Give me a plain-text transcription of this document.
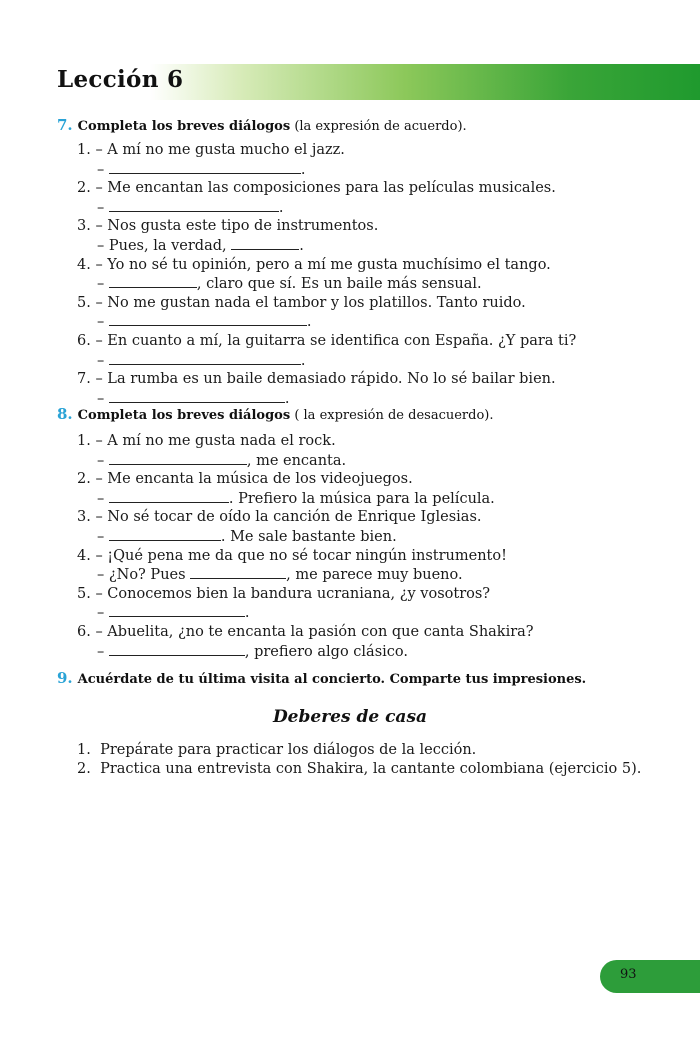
Lección 6
7. Completa los breves diálogos (la expresión de acuerdo).
1. – A mí no me gusta mucho el jazz.
–	.
2. – Me encantan las composiciones para las películas musicales.
–	.
3. – Nos gusta este tipo de instrumentos.
– Pues, la verdad,	.
4. – Yo no sé tu opinión, pero a mí me gusta muchísimo el tango.
–	, claro que sí. Es un baile más sensual.
5. – No me gustan nada el tambor y los platillos. Tanto ruido.
–	.
6. – En cuanto a mí, la guitarra se identifica con España. ¿Y para ti?
–	.
7. – La rumba es un baile demasiado rápido. No lo sé bailar bien.
–	.
8. Completa los breves diálogos ( la expresión de desacuerdo).
1. – A mí no me gusta nada el rock.
–	, me encanta.
2. – Me encanta la música de los videojuegos.
–	. Prefiero la música para la película.
3. – No sé tocar de oído la canción de Enrique Iglesias.
–	. Me sale bastante bien.
4. – ¡Qué pena me da que no sé tocar ningún instrumento!
– ¿No? Pues	, me parece muy bueno.
5. – Conocemos bien la bandura ucraniana, ¿y vosotros?
–	.
6. – Abuelita, ¿no te encanta la pasión con que canta Shakira?
–	, prefiero algo clásico.
9. Acuérdate de tu última visita al concierto. Comparte tus impresiones.
Deberes de casa
1. Prepárate para practicar los diálogos de la lección.
2. Practica una entrevista con Shakira, la cantante colombiana (ejercicio 5).
93
